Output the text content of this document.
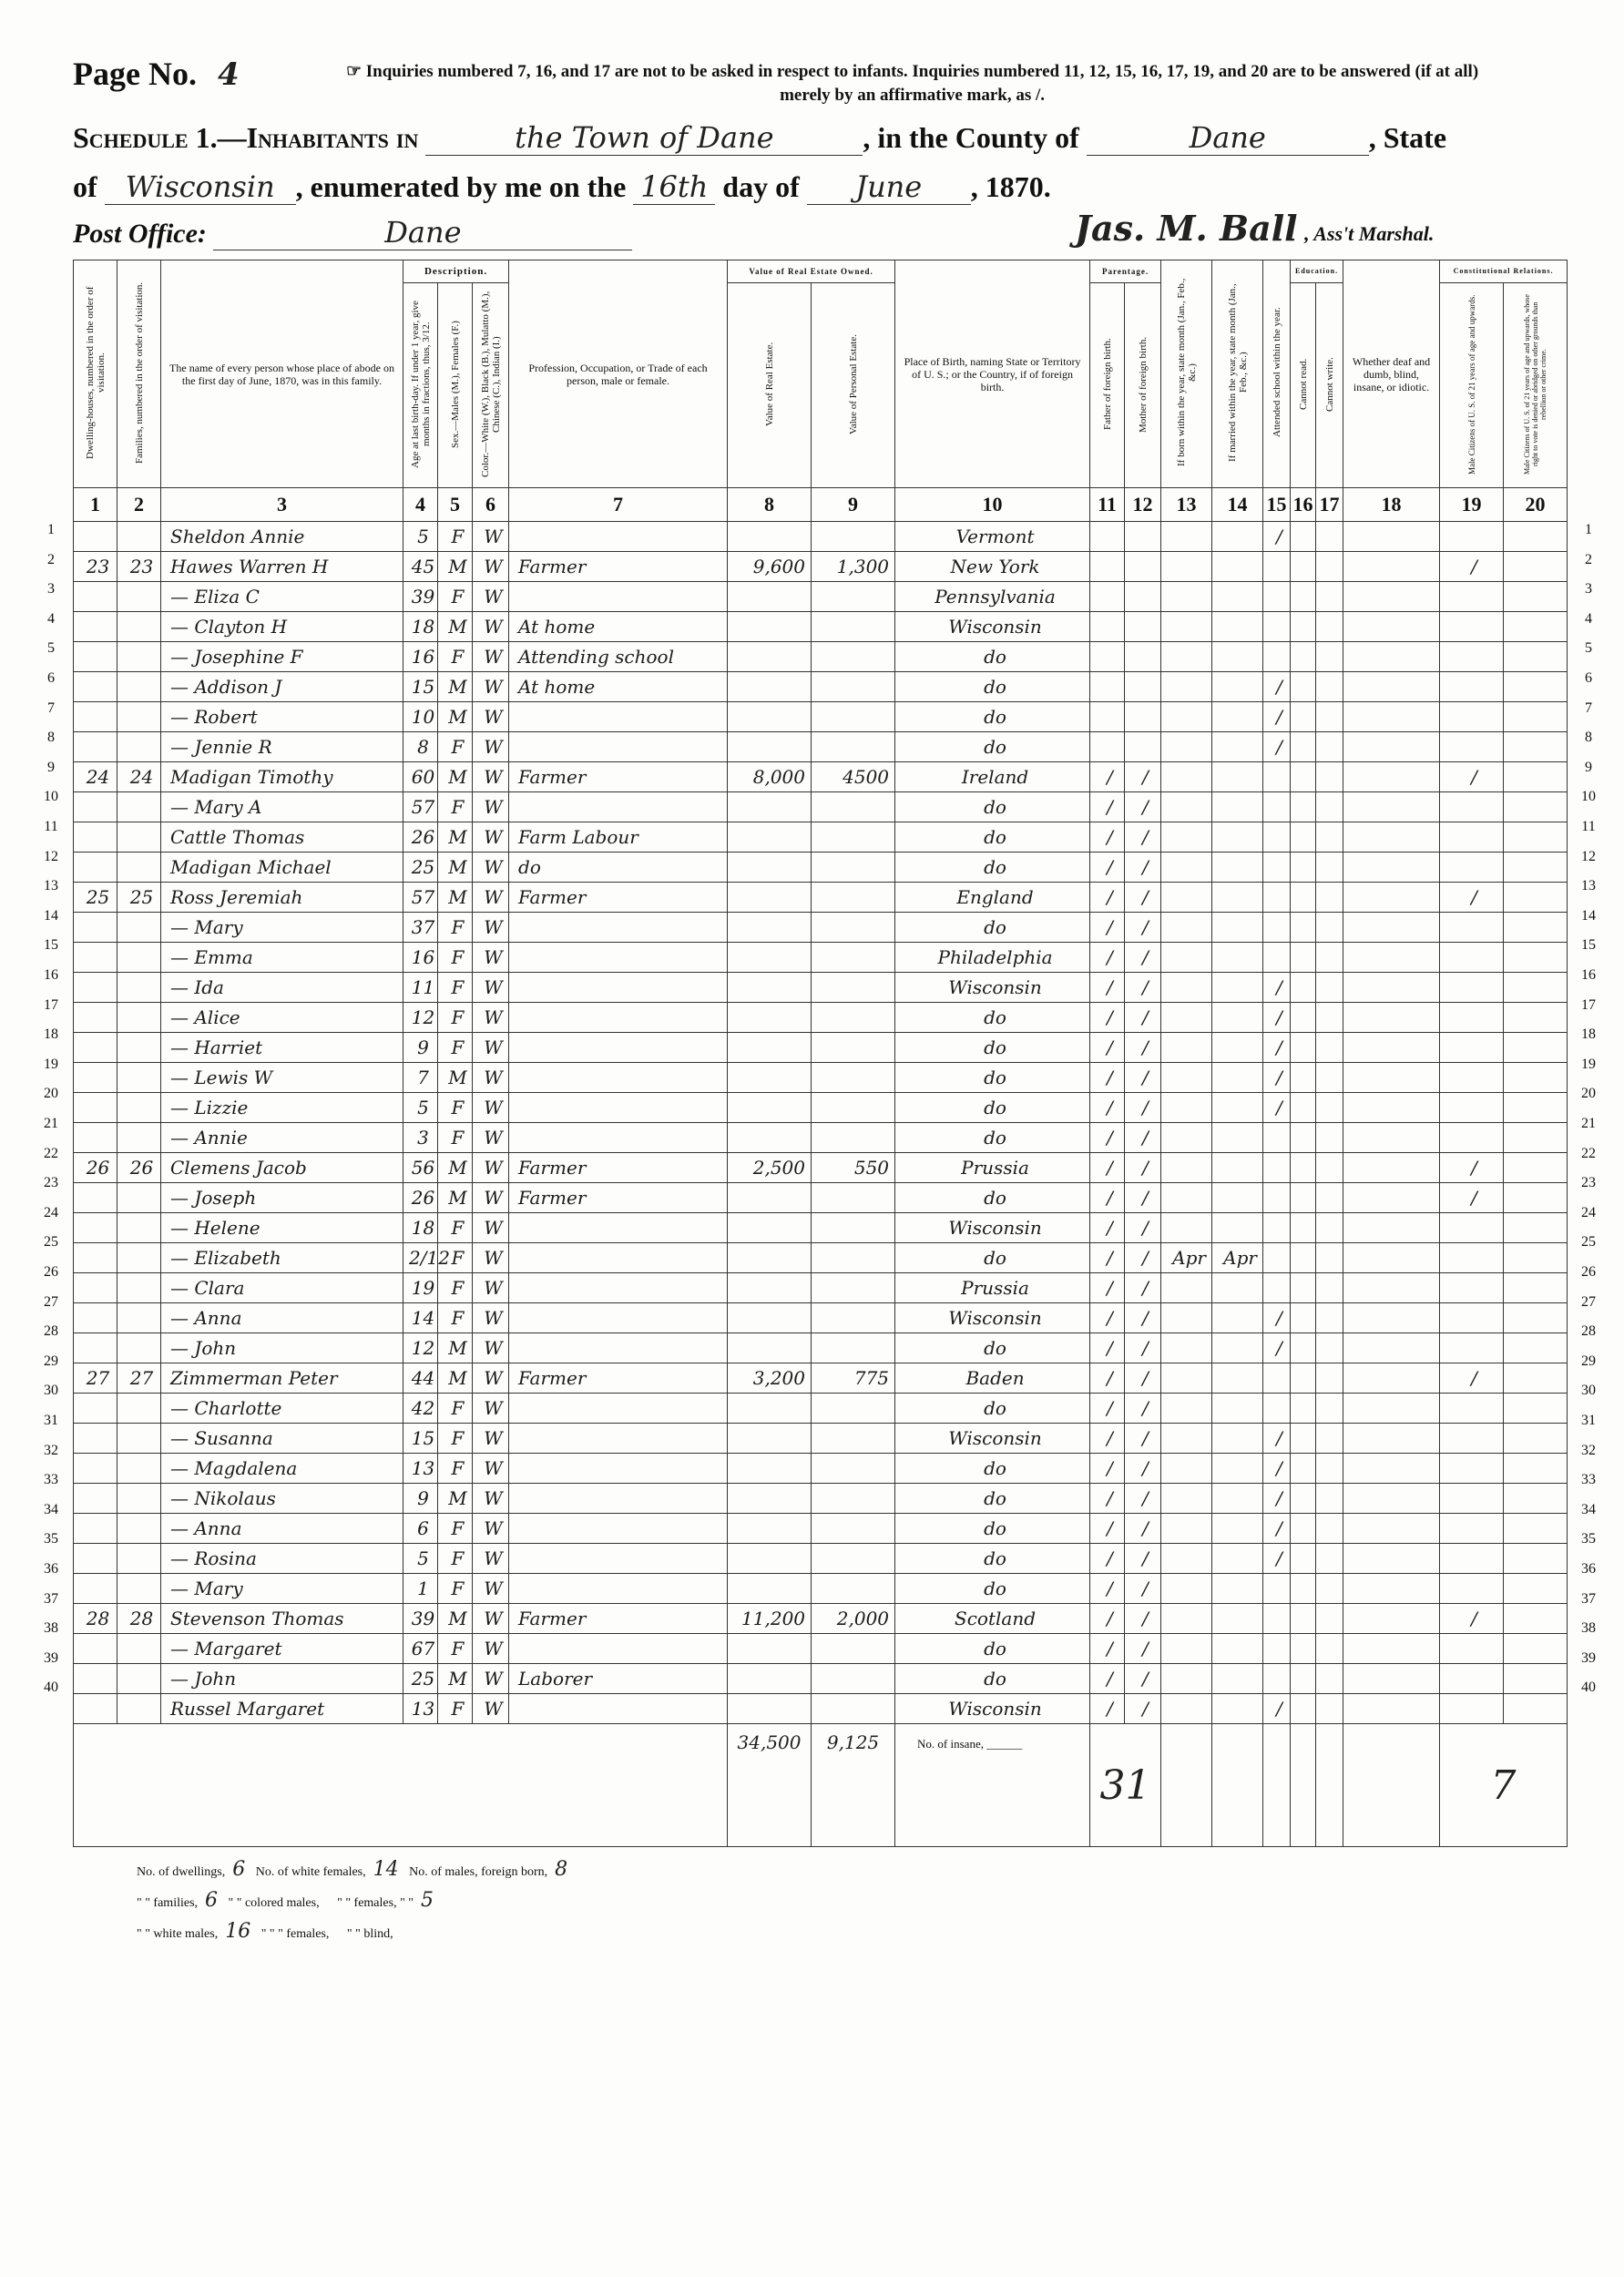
Page No. 4	☞ Inquiries numbered 7, 16, and 17 are not to be asked in respect to infants. Inquiries numbered 11, 12, 15, 16, 17, 19, and 20 are to be answered (if at all)
merely by an affirmative mark, as /.
Schedule 1.—Inhabitants in	the Town of Dane	, in the County of	Dane	, State
of Wisconsin , enumerated by me on the 16th day of June , 1870.
Post Office:	Dane	Jas. M. Ball , Ass't Marshal.
1
2
3
4
5
6
7
8
9
10
11
12
13
14
15
16
17
18
19
20
21
22
23
24
25
26
27
28
29
30
31
32
33
34
35
36
37
38
39
40
1
2
3
4
5
6
7
8
9
10
11
12
13
14
15
16
17
18
19
20
21
22
23
24
25
26
27
28
29
30
31
32
33
34
35
36
37
38
39
40
Dwelling-houses, numbered in the order of visitation.	Families, numbered in the order of visitation.	The name of every person whose place of abode on the first day of June, 1870, was in this family.	Description.			Profession, Occupation, or Trade of each person, male or female.	Value of Real Estate Owned.		Place of Birth, naming State or Territory of U. S.; or the Country, if of foreign birth.	Parentage.		If born within the year, state month (Jan., Feb., &c.)	If married within the year, state month (Jan., Feb., &c.)	Attended school within the year.	Education.		Whether deaf and dumb, blind, insane, or idiotic.	Constitutional Relations.	
			Age at last birth-day. If under 1 year, give months in fractions, thus, 3/12.	Sex.—Males (M.), Females (F.)	Color.—White (W.), Black (B.), Mulatto (M.), Chinese (C.), Indian (I.)		Value of Real Estate.	Value of Personal Estate.		Father of foreign birth.	Mother of foreign birth.				Cannot read.	Cannot write.		Male Citizens of U. S. of 21 years of age and upwards.	Male Citizens of U. S. of 21 years of age and upwards, whose right to vote is denied or abridged on other grounds than rebellion or other crime.
1	2	3	4	5	6	7	8	9	10	11	12	13	14	15	16	17	18	19	20
		Sheldon Annie	5	F	W				Vermont					/					
23	23	Hawes Warren H	45	M	W	Farmer	9,600	1,300	New York									/	
		— Eliza C	39	F	W				Pennsylvania										
		— Clayton H	18	M	W	At home			Wisconsin										
		— Josephine F	16	F	W	Attending school			do										
		— Addison J	15	M	W	At home			do					/					
		— Robert	10	M	W				do					/					
		— Jennie R	8	F	W				do					/					
24	24	Madigan Timothy	60	M	W	Farmer	8,000	4500	Ireland	/	/							/	
		— Mary A	57	F	W				do	/	/								
		Cattle Thomas	26	M	W	Farm Labour			do	/	/								
		Madigan Michael	25	M	W	do			do	/	/								
25	25	Ross Jeremiah	57	M	W	Farmer			England	/	/							/	
		— Mary	37	F	W				do	/	/								
		— Emma	16	F	W				Philadelphia	/	/								
		— Ida	11	F	W				Wisconsin	/	/			/					
		— Alice	12	F	W				do	/	/			/					
		— Harriet	9	F	W				do	/	/			/					
		— Lewis W	7	M	W				do	/	/			/					
		— Lizzie	5	F	W				do	/	/			/					
		— Annie	3	F	W				do	/	/								
26	26	Clemens Jacob	56	M	W	Farmer	2,500	550	Prussia	/	/							/	
		— Joseph	26	M	W	Farmer			do	/	/							/	
		— Helene	18	F	W				Wisconsin	/	/								
		— Elizabeth	2/12	F	W				do	/	/	Apr	Apr						
		— Clara	19	F	W				Prussia	/	/								
		— Anna	14	F	W				Wisconsin	/	/			/					
		— John	12	M	W				do	/	/			/					
27	27	Zimmerman Peter	44	M	W	Farmer	3,200	775	Baden	/	/							/	
		— Charlotte	42	F	W				do	/	/								
		— Susanna	15	F	W				Wisconsin	/	/			/					
		— Magdalena	13	F	W				do	/	/			/					
		— Nikolaus	9	M	W				do	/	/			/					
		— Anna	6	F	W				do	/	/			/					
		— Rosina	5	F	W				do	/	/			/					
		— Mary	1	F	W				do	/	/								
28	28	Stevenson Thomas	39	M	W	Farmer	11,200	2,000	Scotland	/	/							/	
		— Margaret	67	F	W				do	/	/								
		— John	25	M	W	Laborer			do	/	/								
		Russel Margaret	13	F	W				Wisconsin	/	/			/					
							34,500	9,125	No. of insane, ______	31								7	
No. of dwellings, 6 No. of white females, 14 No. of males, foreign born, 8
" " families, 6 " " colored males, " " females, " " 5
" " white males, 16 " " " females, " " blind,
